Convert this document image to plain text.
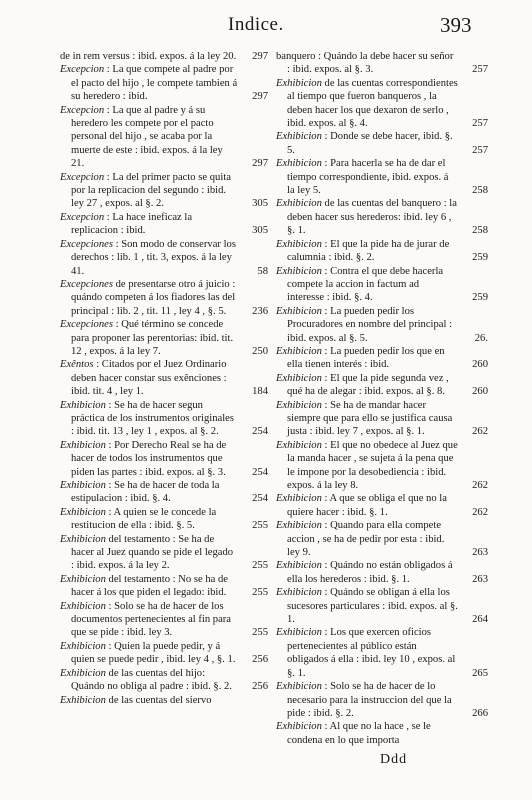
Indice.	393
de in rem versus : ibid. expos. á la ley 20. 297
Excepcion : La que compete al padre por el pacto del hijo , le compete tambien á su heredero : ibid.	297
Excepcion : La que al padre y á su heredero les compete por el pacto personal del hijo , se acaba por la muerte de este : ibid. expos. á la ley 21.	297
Excepcion : La del primer pacto se quita por la replicacion del segundo : ibid. ley 27 , expos. al §. 2.	305
Excepcion : La hace ineficaz la replicacion : ibid.	305
Excepciones : Son modo de conservar los derechos : lib. 1 , tit. 3, expos. á la ley 41.	58
Excepciones de presentarse otro á juicio : quándo competen á los fiadores las del principal : lib. 2 , tit. 11 , ley 4 , §. 5. 236
Excepciones : Qué término se concede para proponer las perentorias: ibid. tit. 12 , expos. á la ley 7.	250
Exêntos : Citados por el Juez Ordinario deben hacer constar sus exênciones : ibid. tit. 4 , ley 1.	184
Exhibicion : Se ha de hacer segun práctica de los instrumentos originales : ibid. tit. 13 , ley 1 , expos. al §. 2.	254
Exhibicion : Por Derecho Real se ha de hacer de todos los instrumentos que piden las partes : ibid. expos. al §. 3. 254
Exhibicion : Se ha de hacer de toda la estipulacion : ibid. §. 4.	254
Exhibicion : A quien se le concede la restitucion de ella : ibid. §. 5.	255
Exhibicion del testamento : Se ha de hacer al Juez quando se pide el legado : ibid. expos. á la ley 2.	255
Exhibicion del testamento : No se ha de hacer á los que piden el legado: ibid. 255
Exhibicion : Solo se ha de hacer de los documentos pertenecientes al fin para que se pide : ibid. ley 3.	255
Exhibicion : Quien la puede pedir, y á quien se puede pedir , ibid. ley 4 , §. 1. 256
Exhibicion de las cuentas del hijo: Quándo no obliga al padre : ibid. §. 2. 256
Exhibicion de las cuentas del siervo
banquero : Quándo la debe hacer su señor : ibid. expos. al §. 3.	257
Exhibicion de las cuentas correspondientes al tiempo que fueron banqueros , la deben hacer los que dexaron de serlo , ibid. expos. al §. 4.	257
Exhibicion : Donde se debe hacer, ibid. §. 5.	257
Exhibicion : Para hacerla se ha de dar el tiempo correspondiente, ibid. expos. á la ley 5.	258
Exhibicion de las cuentas del banquero : la deben hacer sus herederos: ibid. ley 6 , §. 1.	258
Exhibicion : El que la pide ha de jurar de calumnia : ibid. §. 2.	259
Exhibicion : Contra el que debe hacerla compete la accion in factum ad interesse : ibid. §. 4.	259
Exhibicion : La pueden pedir los Procuradores en nombre del principal : ibid. expos. al §. 5.	26.
Exhibicion : La pueden pedir los que en ella tienen interés : ibid.	260
Exhibicion : El que la pide segunda vez , qué ha de alegar : ibid. expos. al §. 8.	260
Exhibicion : Se ha de mandar hacer siempre que para ello se justifica causa justa : ibid. ley 7 , expos. al §. 1.	262
Exhibicion : El que no obedece al Juez que la manda hacer , se sujeta á la pena que le impone por la desobediencia : ibid. expos. á la ley 8.	262
Exhibicion : A que se obliga el que no la quiere hacer : ibid. §. 1.	262
Exhibicion : Quando para ella compete accion , se ha de pedir por esta : ibid. ley 9.	263
Exhibicion : Quándo no están obligados á ella los herederos : ibid. §. 1.	263
Exhibicion : Quándo se obligan á ella los sucesores particulares : ibid. expos. al §. 1.	264
Exhibicion : Los que exercen oficios pertenecientes al público están obligados á ella : ibid. ley 10 , expos. al §. 1.	265
Exhibicion : Solo se ha de hacer de lo necesario para la instruccion del que la pide : ibid. §. 2.	266
Exhibicion : Al que no la hace , se le condena en lo que importa
Ddd
